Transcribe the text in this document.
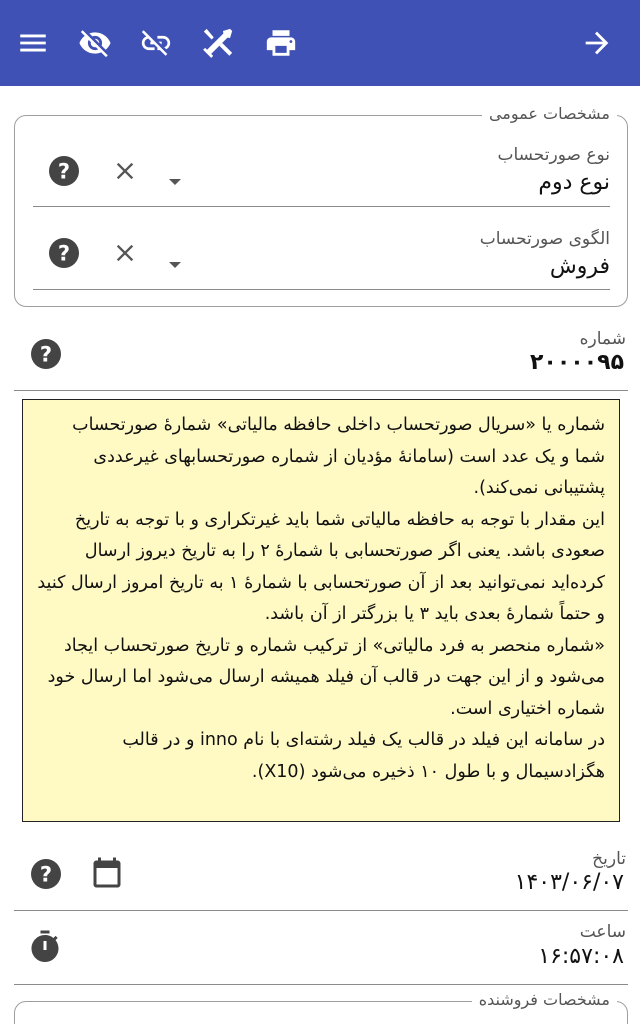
مشخصات عمومی
نوع صورتحساب
نوع دوم
?
الگوی صورتحساب
فروش
?
شماره
۲۰۰۰۰۹۵
?

شماره یا «سریال صورتحساب داخلی حافظه مالیاتی» شمارهٔ صورتحساب شما و یک عدد است (سامانهٔ مؤدیان از شماره صورتحسابهای غیرعددی پشتیبانی نمی‌کند).

این مقدار با توجه به حافظه مالیاتی شما باید غیرتکراری و با توجه به تاریخ صعودی باشد. یعنی اگر صورتحسابی با شمارهٔ ۲ را به تاریخ دیروز ارسال کرده‌اید نمی‌توانید بعد از آن صورتحسابی با شمارهٔ ۱ به تاریخ امروز ارسال کنید و حتماً شمارهٔ بعدی باید ۳ یا بزرگتر از آن باشد.

«شماره منحصر به فرد مالیاتی» از ترکیب شماره و تاریخ صورتحساب ایجاد می‌شود و از این جهت در قالب آن فیلد همیشه ارسال می‌شود اما ارسال خود شماره اختیاری است.

در سامانه این فیلد در قالب یک فیلد رشته‌ای با نام inno و در قالب هگزادسیمال و با طول ۱۰ ذخیره می‌شود (X10).

تاریخ
۱۴۰۳/۰۶/۰۷
?
ساعت
۱۶:۵۷:۰۸
مشخصات فروشنده
